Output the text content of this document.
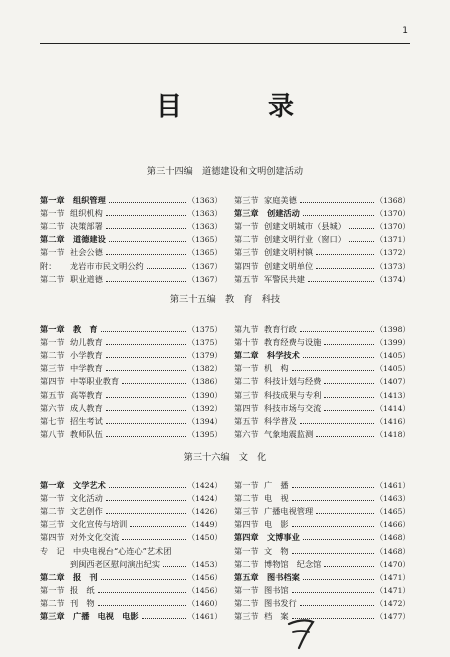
1
目　录
第三十四编　道德建设和文明创建活动
第一章 组织管理	（1363）
第一节 组织机构	（1363）
第二节 决策部署	（1363）
第二章 道德建设	（1365）
第一节 社会公德	（1365）
附： 龙岩市市民文明公约	（1367）
第二节 职业道德	（1367）
第三节 家庭美德	（1368）
第三章 创建活动	（1370）
第一节 创建文明城市（县城）	（1370）
第二节 创建文明行业（窗口）	（1371）
第三节 创建文明村镇	（1372）
第四节 创建文明单位	（1373）
第五节 军警民共建	（1374）
第三十五编　教　育　科技
第一章 教　育	（1375）
第一节 幼儿教育	（1375）
第二节 小学教育	（1379）
第三节 中学教育	（1382）
第四节 中等职业教育	（1386）
第五节 高等教育	（1390）
第六节 成人教育	（1392）
第七节 招生考试	（1394）
第八节 教师队伍	（1395）
第九节 教育行政	（1398）
第十节 教育经费与设施	（1399）
第二章 科学技术	（1405）
第一节 机　构	（1405）
第二节 科技计划与经费	（1407）
第三节 科技成果与专利	（1413）
第四节 科技市场与交流	（1414）
第五节 科学普及	（1416）
第六节 气象地震监测	（1418）
第三十六编　文　化
第一章 文学艺术	（1424）
第一节 文化活动	（1424）
第二节 文艺创作	（1426）
第三节 文化宣传与培训	（1449）
第四节 对外文化交流	（1450）
专　记 中央电视台“心连心”艺术团
到闽西老区慰问演出纪实	（1453）
第二章 报　刊	（1456）
第一节 报　纸	（1456）
第二节 刊　物	（1460）
第三章 广播　电视　电影	（1461）
第一节 广　播	（1461）
第二节 电　视	（1463）
第三节 广播电视管理	（1465）
第四节 电　影	（1466）
第四章 文博事业	（1468）
第一节 文　物	（1468）
第二节 博物馆　纪念馆	（1470）
第五章 图书档案	（1471）
第一节 图书馆	（1471）
第二节 图书发行	（1472）
第三节 档　案	（1477）
